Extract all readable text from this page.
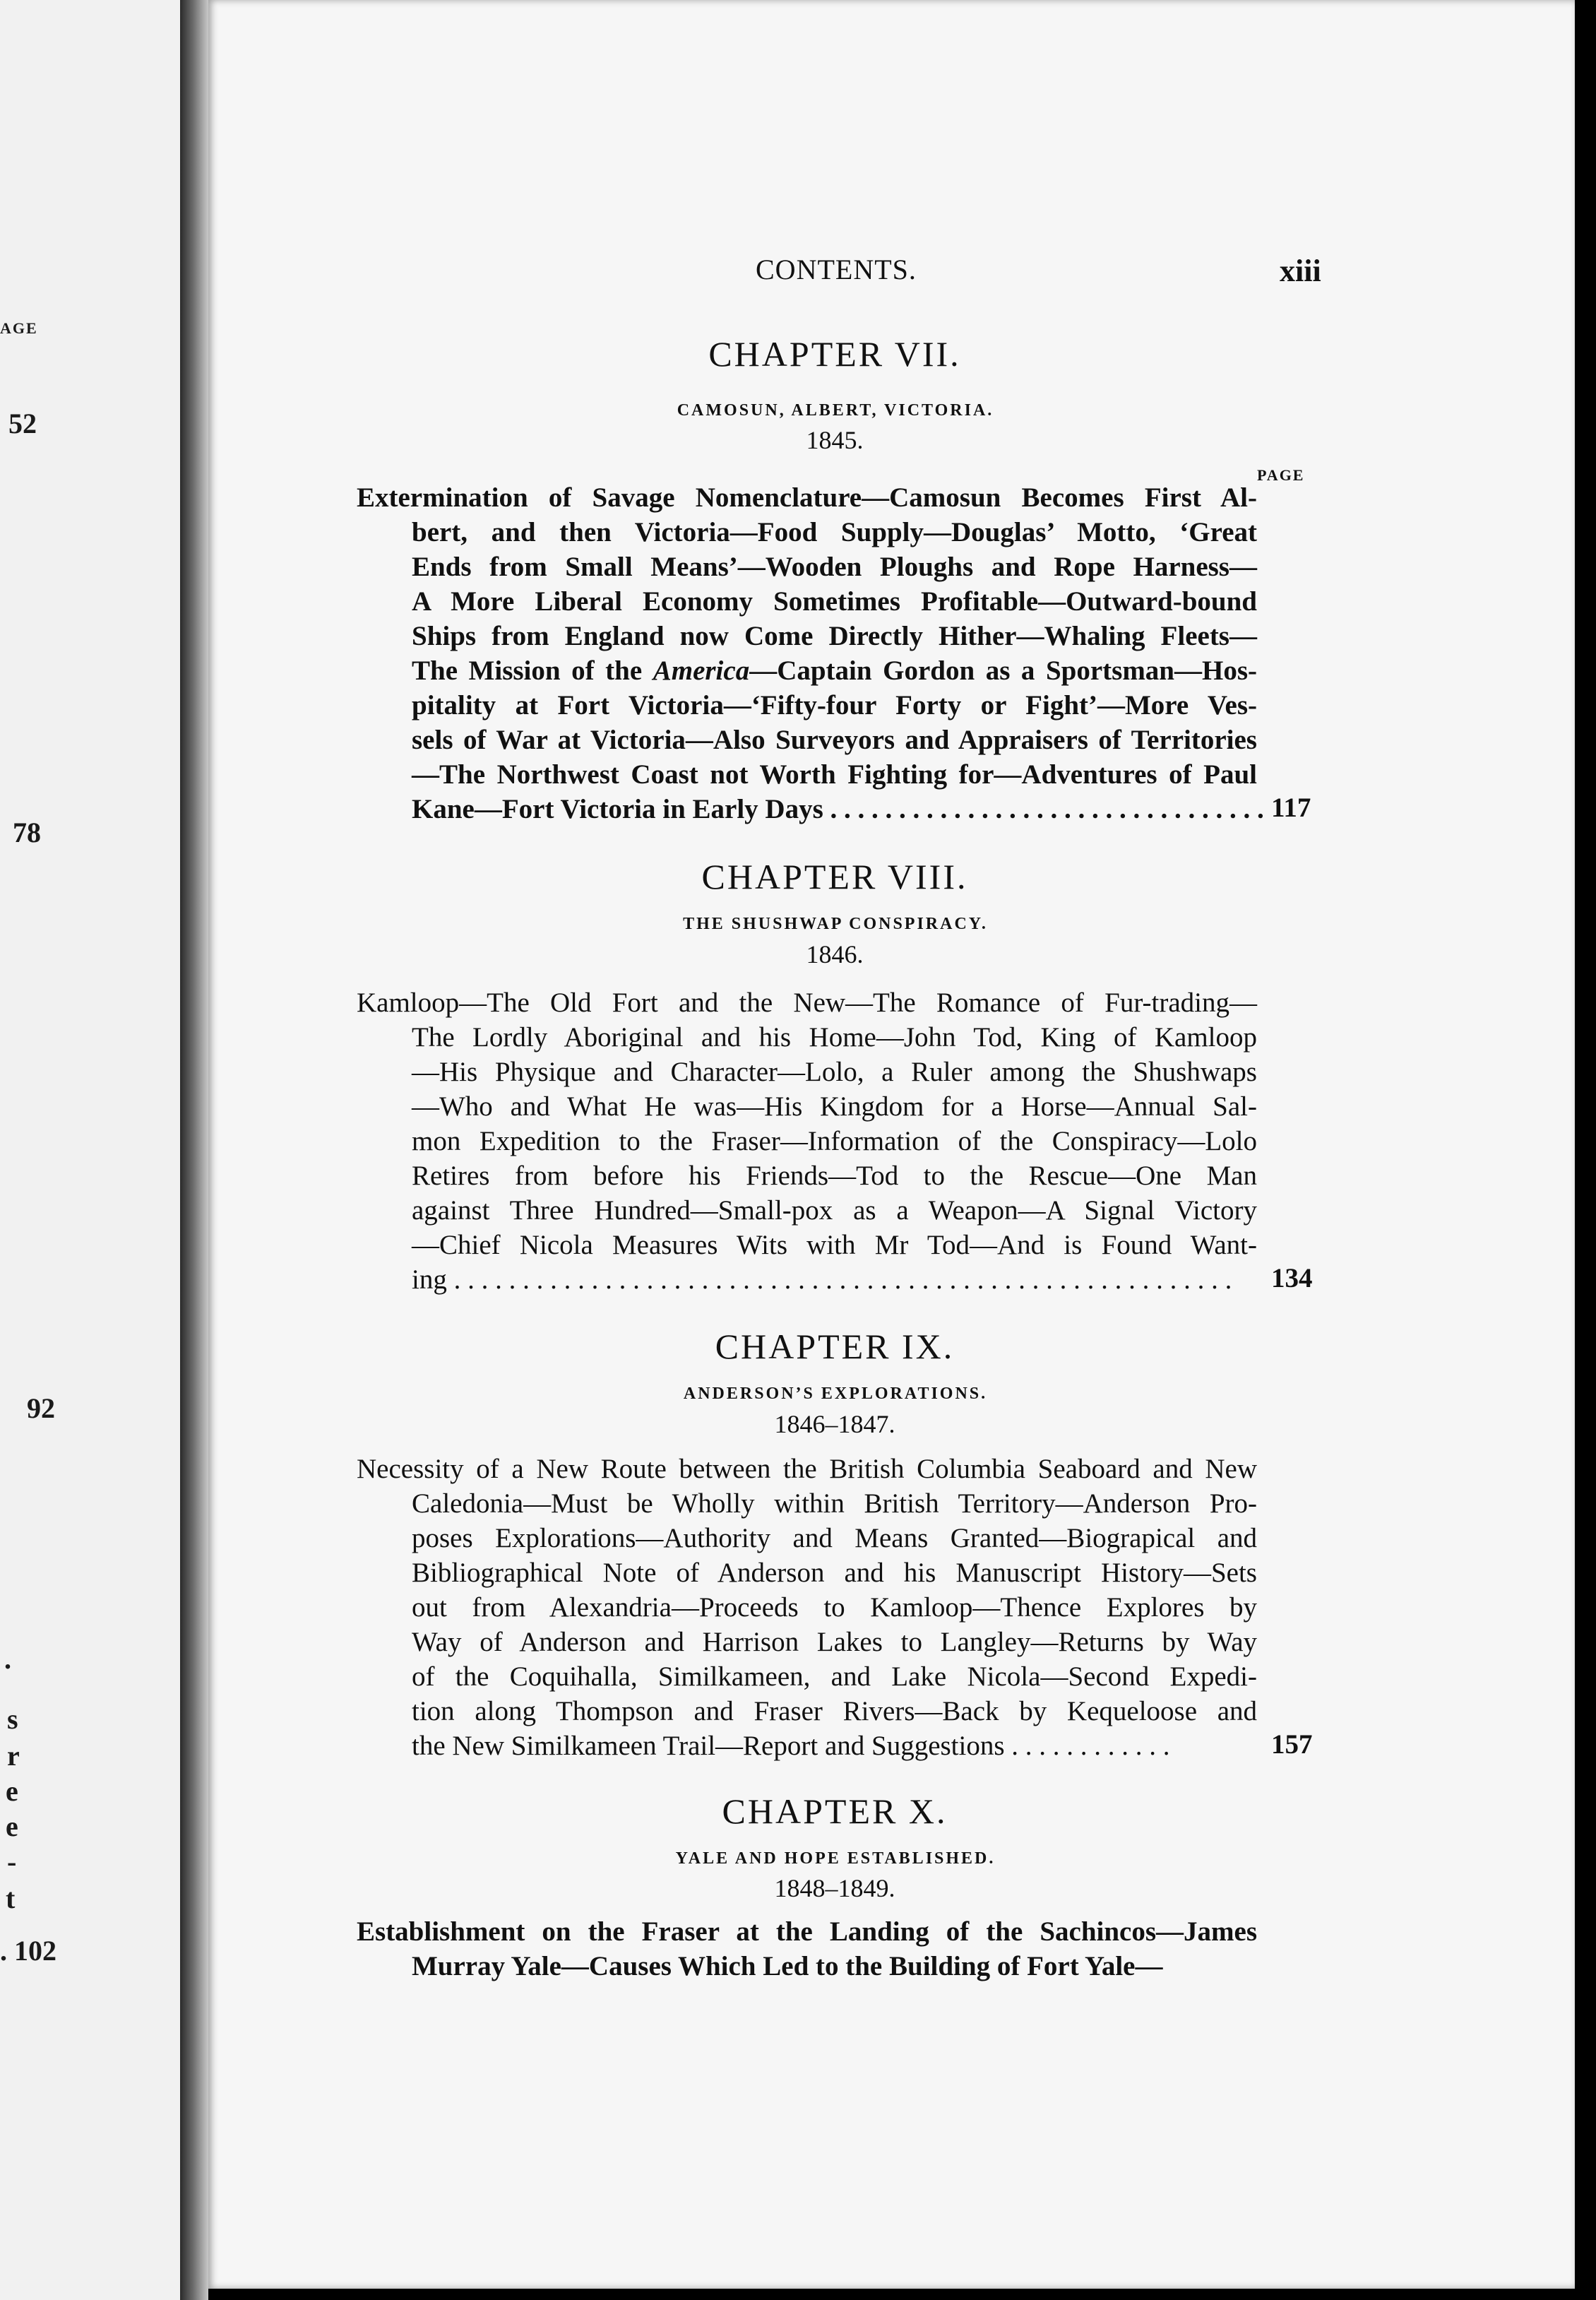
AGE
52
78
92
.
s
r
e
e
-
t
. 102
CONTENTS.	xiii
CHAPTER VII.
CAMOSUN, ALBERT, VICTORIA.
1845.
PAGE
Extermination of Savage Nomenclature—Camosun Becomes First Al-
bert, and then Victoria—Food Supply—Douglas’ Motto, ‘Great
Ends from Small Means’—Wooden Ploughs and Rope Harness—
A More Liberal Economy Sometimes Profitable—Outward-bound
Ships from England now Come Directly Hither—Whaling Fleets—
The Mission of the America—Captain Gordon as a Sportsman—Hos-
pitality at Fort Victoria—‘Fifty-four Forty or Fight’—More Ves-
sels of War at Victoria—Also Surveyors and Appraisers of Territories
—The Northwest Coast not Worth Fighting for—Adventures of Paul
Kane—Fort Victoria in Early Days . . . . . . . . . . . . . . . . . . . . . . . . . . . . . . . . 117
CHAPTER VIII.
THE SHUSHWAP CONSPIRACY.
1846.
Kamloop—The Old Fort and the New—The Romance of Fur-trading—
The Lordly Aboriginal and his Home—John Tod, King of Kamloop
—His Physique and Character—Lolo, a Ruler among the Shushwaps
—Who and What He was—His Kingdom for a Horse—Annual Sal-
mon Expedition to the Fraser—Information of the Conspiracy—Lolo
Retires from before his Friends—Tod to the Rescue—One Man
against Three Hundred—Small-pox as a Weapon—A Signal Victory
—Chief Nicola Measures Wits with Mr Tod—And is Found Want-
ing . . . . . . . . . . . . . . . . . . . . . . . . . . . . . . . . . . . . . . . . . . . . . . . . . . . . . . . . .	134
CHAPTER IX.
ANDERSON’S EXPLORATIONS.
1846–1847.
Necessity of a New Route between the British Columbia Seaboard and New
Caledonia—Must be Wholly within British Territory—Anderson Pro-
poses Explorations—Authority and Means Granted—Biograpical and
Bibliographical Note of Anderson and his Manuscript History—Sets
out from Alexandria—Proceeds to Kamloop—Thence Explores by
Way of Anderson and Harrison Lakes to Langley—Returns by Way
of the Coquihalla, Similkameen, and Lake Nicola—Second Expedi-
tion along Thompson and Fraser Rivers—Back by Kequeloose and
the New Similkameen Trail—Report and Suggestions . . . . . . . . . . . .	157
CHAPTER X.
YALE AND HOPE ESTABLISHED.
1848–1849.
Establishment on the Fraser at the Landing of the Sachincos—James
Murray Yale—Causes Which Led to the Building of Fort Yale—
